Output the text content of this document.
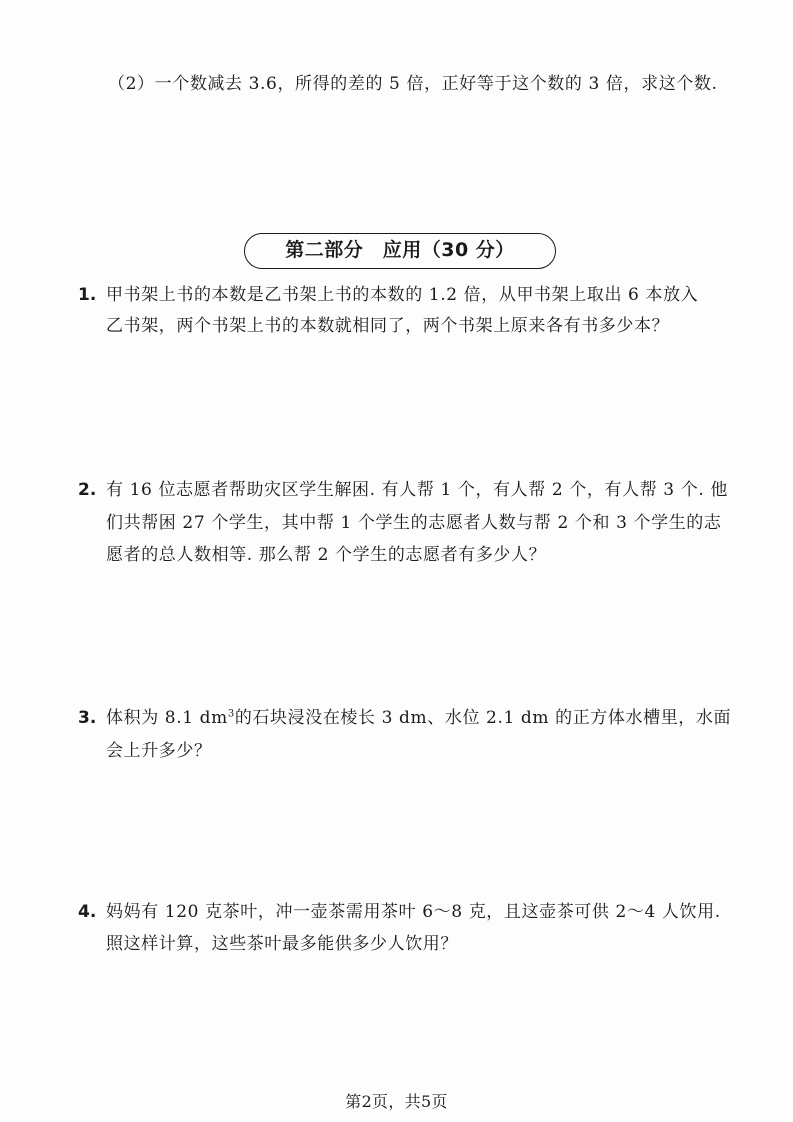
（2）一个数减去 3.6，所得的差的 5 倍，正好等于这个数的 3 倍，求这个数.
第二部分　应用（30 分）
1. 甲书架上书的本数是乙书架上书的本数的 1.2 倍，从甲书架上取出 6 本放入
乙书架，两个书架上书的本数就相同了，两个书架上原来各有书多少本？
2. 有 16 位志愿者帮助灾区学生解困. 有人帮 1 个，有人帮 2 个，有人帮 3 个. 他
们共帮困 27 个学生，其中帮 1 个学生的志愿者人数与帮 2 个和 3 个学生的志
愿者的总人数相等. 那么帮 2 个学生的志愿者有多少人？
3. 体积为 8.1 $dm^3$的石块浸没在棱长 3 dm、水位 2.1 dm 的正方体水槽里，水面
会上升多少？
4. 妈妈有 120 克茶叶，冲一壶茶需用茶叶 6～8 克，且这壶茶可供 2～4 人饮用.
照这样计算，这些茶叶最多能供多少人饮用？
第2页，共5页
